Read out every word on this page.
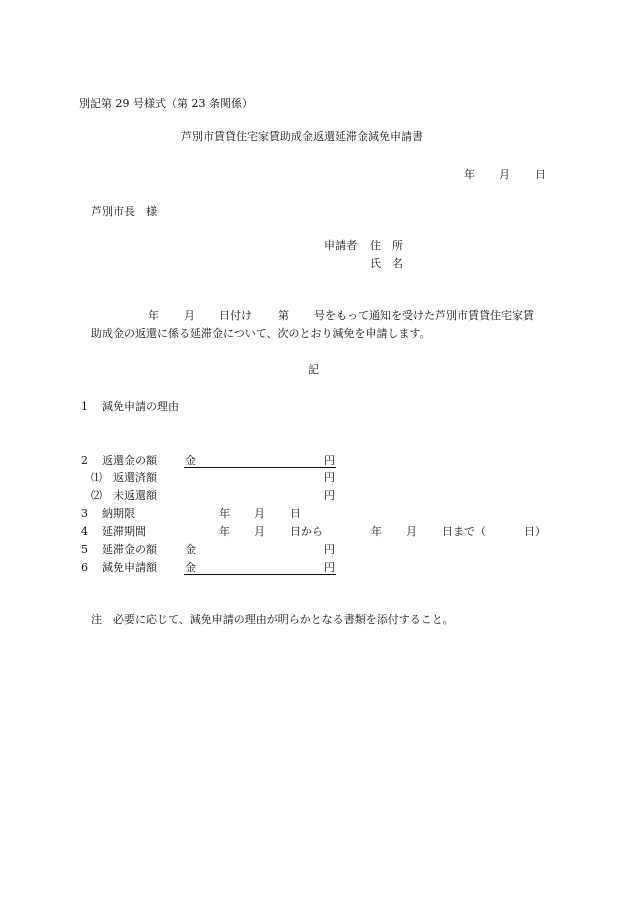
別記第 29 号様式（第 23 条関係）
芦別市賃貸住宅家賃助成金返還延滞金減免申請書
年 月 日
芦別市長　様
申請者 住　所
氏　名
年 月 日付け 第 号をもって通知を受けた芦別市賃貸住宅家賃
助成金の返還に係る延滞金について、次のとおり減免を申請します。
記
1 減免申請の理由
2 返還金の額	金	円
⑴ 返還済額	円
⑵ 未返還額	円
3 納期限	年 月 日
4 延滞期間	年 月 日から	年 月 日まで（	日）
5 延滞金の額	金	円
6 減免申請額	金	円
注　必要に応じて、減免申請の理由が明らかとなる書類を添付すること。
